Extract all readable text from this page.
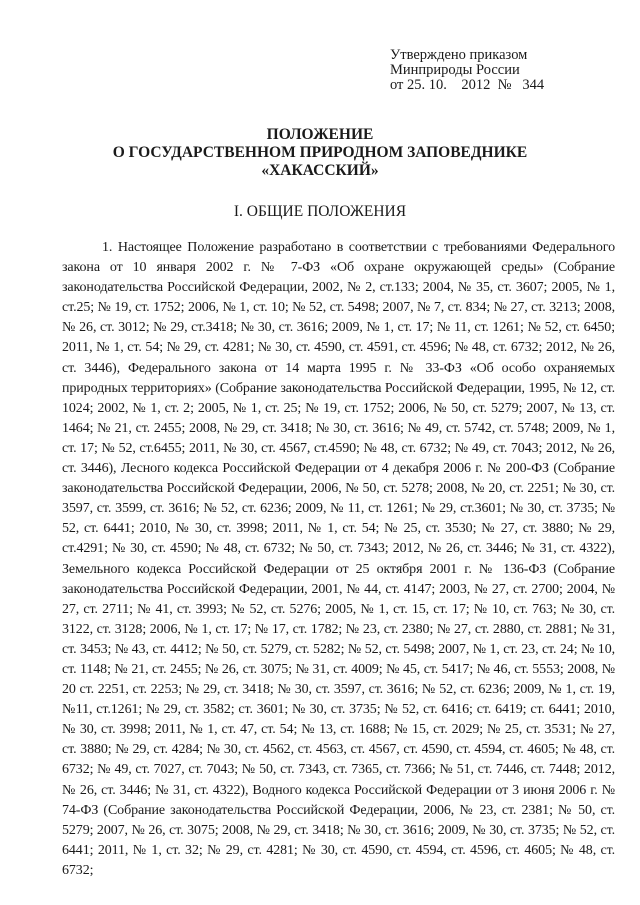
Утверждено приказом
Минприроды России
от 25. 10.    2012  №   344
ПОЛОЖЕНИЕ
О ГОСУДАРСТВЕННОМ ПРИРОДНОМ ЗАПОВЕДНИКЕ
«ХАКАССКИЙ»
I. ОБЩИЕ ПОЛОЖЕНИЯ

1. Настоящее Положение разработано в соответствии с требованиями Федерального закона от 10 января 2002 г. № 7-ФЗ «Об охране окружающей среды» (Собрание законодательства Российской Федерации, 2002, № 2, ст.133; 2004, № 35, ст. 3607; 2005, № 1, ст.25; № 19, ст. 1752; 2006, № 1, ст. 10; № 52, ст. 5498; 2007, № 7, ст. 834; № 27, ст. 3213; 2008, № 26, ст. 3012; № 29, ст.3418; № 30, ст. 3616; 2009, № 1, ст. 17; № 11, ст. 1261; № 52, ст. 6450; 2011, № 1, ст. 54; № 29, ст. 4281; № 30, ст. 4590, ст. 4591, ст. 4596; № 48, ст. 6732; 2012, № 26, ст. 3446), Федерального закона от 14 марта 1995 г. № 33-ФЗ «Об особо охраняемых природных территориях» (Собрание законодательства Российской Федерации, 1995, № 12, ст. 1024; 2002, № 1, ст. 2; 2005, № 1, ст. 25; № 19, ст. 1752; 2006, № 50, ст. 5279; 2007, № 13, ст. 1464; № 21, ст. 2455; 2008, № 29, ст. 3418; № 30, ст. 3616; № 49, ст. 5742, ст. 5748; 2009, № 1, ст. 17; № 52, ст.6455; 2011, № 30, ст. 4567, ст.4590; № 48, ст. 6732; № 49, ст. 7043; 2012, № 26, ст. 3446), Лесного кодекса Российской Федерации от 4 декабря 2006 г. № 200-ФЗ (Собрание законодательства Российской Федерации, 2006, № 50, ст. 5278; 2008, № 20, ст. 2251; № 30, ст. 3597, ст. 3599, ст. 3616; № 52, ст. 6236; 2009, № 11, ст. 1261; № 29, ст.3601; № 30, ст. 3735; № 52, ст. 6441; 2010, № 30, ст. 3998; 2011, № 1, ст. 54; № 25, ст. 3530; № 27, ст. 3880; № 29, ст.4291; № 30, ст. 4590; № 48, ст. 6732; № 50, ст. 7343; 2012, № 26, ст. 3446; № 31, ст. 4322), Земельного кодекса Российской Федерации от 25 октября 2001 г. № 136-ФЗ (Собрание законодательства Российской Федерации, 2001, № 44, ст. 4147; 2003, № 27, ст. 2700; 2004, № 27, ст. 2711; № 41, ст. 3993; № 52, ст. 5276; 2005, № 1, ст. 15, ст. 17; № 10, ст. 763; № 30, ст. 3122, ст. 3128; 2006, № 1, ст. 17; № 17, ст. 1782; № 23, ст. 2380; № 27, ст. 2880, ст. 2881; № 31, ст. 3453; № 43, ст. 4412; № 50, ст. 5279, ст. 5282; № 52, ст. 5498; 2007, № 1, ст. 23, ст. 24; № 10, ст. 1148; № 21, ст. 2455; № 26, ст. 3075; № 31, ст. 4009; № 45, ст. 5417; № 46, ст. 5553; 2008, № 20 ст. 2251, ст. 2253; № 29, ст. 3418; № 30, ст. 3597, ст. 3616; № 52, ст. 6236; 2009, № 1, ст. 19, №11, ст.1261; № 29, ст. 3582; ст. 3601; № 30, ст. 3735; № 52, ст. 6416; ст. 6419; ст. 6441; 2010, № 30, ст. 3998; 2011, № 1, ст. 47, ст. 54; № 13, ст. 1688; № 15, ст. 2029; № 25, ст. 3531; № 27, ст. 3880; № 29, ст. 4284; № 30, ст. 4562, ст. 4563, ст. 4567, ст. 4590, ст. 4594, ст. 4605; № 48, ст. 6732; № 49, ст. 7027, ст. 7043; № 50, ст. 7343, ст. 7365, ст. 7366; № 51, ст. 7446, ст. 7448; 2012, № 26, ст. 3446; № 31, ст. 4322), Водного кодекса Российской Федерации от 3 июня 2006 г. № 74-ФЗ (Собрание законодательства Российской Федерации, 2006, № 23, ст. 2381; № 50, ст. 5279; 2007, № 26, ст. 3075; 2008, № 29, ст. 3418; № 30, ст. 3616; 2009, № 30, ст. 3735; № 52, ст. 6441; 2011, № 1, ст. 32; № 29, ст. 4281; № 30, ст. 4590, ст. 4594, ст. 4596, ст. 4605; № 48, ст. 6732;
